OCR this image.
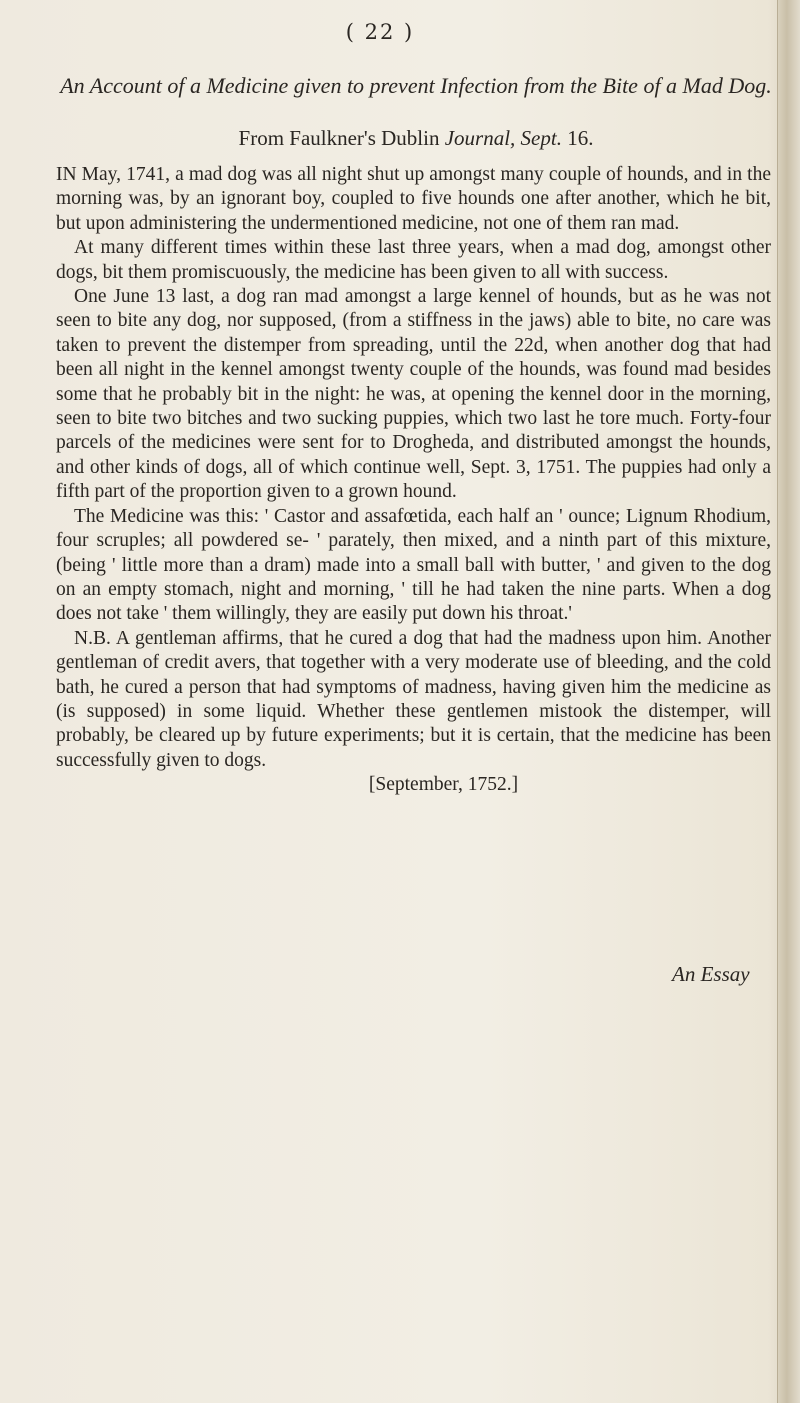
( 22 )
An Account of a Medicine given to prevent Infection from the Bite of a Mad Dog.
From Faulkner's Dublin Journal, Sept. 16.

IN May, 1741, a mad dog was all night shut up amongst many couple of hounds, and in the morning was, by an ignorant boy, coupled to five hounds one after another, which he bit, but upon administering the undermentioned medicine, not one of them ran mad.

At many different times within these last three years, when a mad dog, amongst other dogs, bit them promiscuously, the medicine has been given to all with success.

One June 13 last, a dog ran mad amongst a large kennel of hounds, but as he was not seen to bite any dog, nor supposed, (from a stiffness in the jaws) able to bite, no care was taken to prevent the distemper from spreading, until the 22d, when another dog that had been all night in the kennel amongst twenty couple of the hounds, was found mad besides some that he probably bit in the night: he was, at opening the kennel door in the morning, seen to bite two bitches and two sucking puppies, which two last he tore much. Forty-four parcels of the medicines were sent for to Drogheda, and distributed amongst the hounds, and other kinds of dogs, all of which continue well, Sept. 3, 1751. The puppies had only a fifth part of the proportion given to a grown hound.

The Medicine was this: ' Castor and assafœtida, each half an ' ounce; Lignum Rhodium, four scruples; all powdered se- ' parately, then mixed, and a ninth part of this mixture, (being ' little more than a dram) made into a small ball with butter, ' and given to the dog on an empty stomach, night and morning, ' till he had taken the nine parts. When a dog does not take ' them willingly, they are easily put down his throat.'

N.B. A gentleman affirms, that he cured a dog that had the madness upon him. Another gentleman of credit avers, that together with a very moderate use of bleeding, and the cold bath, he cured a person that had symptoms of madness, having given him the medicine as (is supposed) in some liquid. Whether these gentlemen mistook the distemper, will probably, be cleared up by future experiments; but it is certain, that the medicine has been successfully given to dogs.

[September, 1752.]

An Essay
